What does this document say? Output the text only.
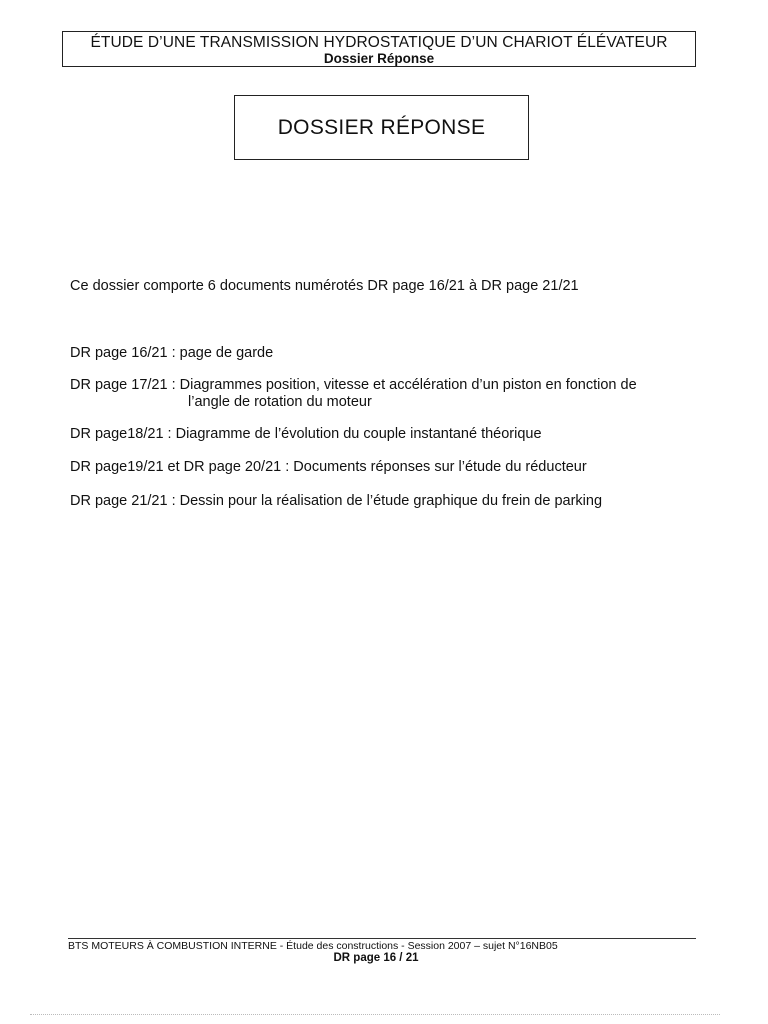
ÉTUDE D’UNE TRANSMISSION HYDROSTATIQUE D’UN CHARIOT ÉLÉVATEUR
Dossier Réponse
DOSSIER RÉPONSE
Ce dossier comporte 6 documents numérotés DR page 16/21 à DR page 21/21
DR page 16/21 : page de garde
DR page 17/21 : Diagrammes position, vitesse et accélération d’un piston en fonction de
l’angle de rotation du moteur
DR page18/21 : Diagramme de l’évolution du couple instantané théorique
DR page19/21 et DR page 20/21 : Documents réponses sur l’étude du réducteur
DR page 21/21 : Dessin pour la réalisation de l’étude graphique du frein de parking
BTS MOTEURS À COMBUSTION INTERNE - Étude des constructions - Session 2007 – sujet N°16NB05
DR page 16 / 21
